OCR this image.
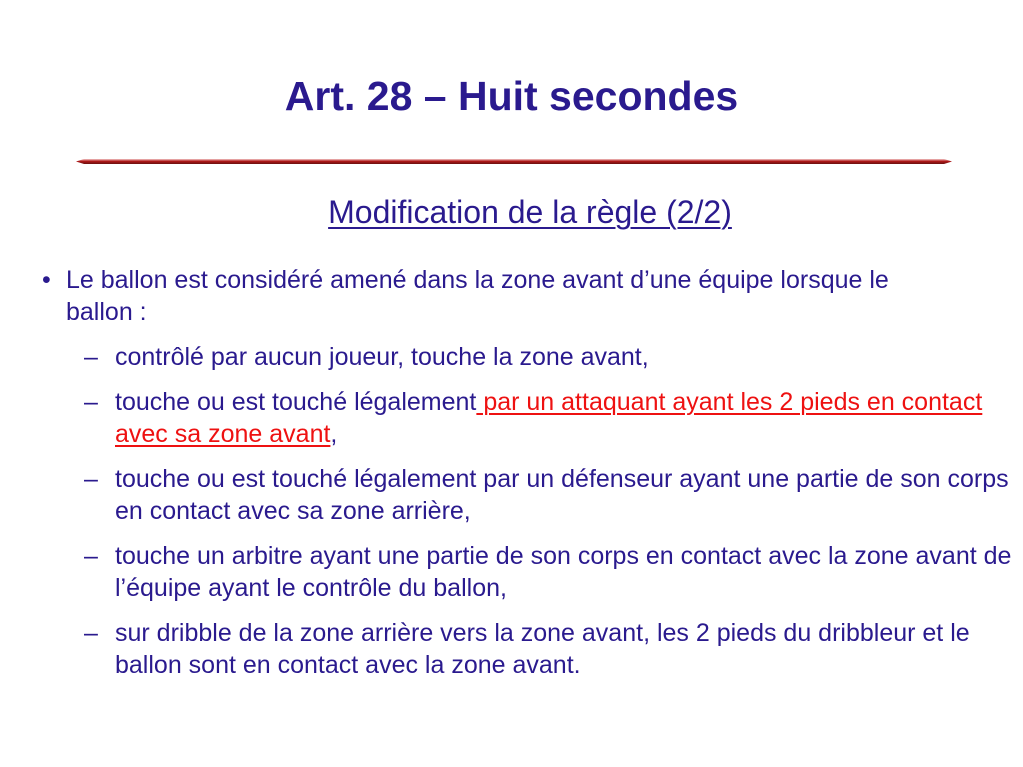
Art. 28 – Huit secondes

Modification de la règle (2/2)

• Le ballon est considéré amené dans la zone avant d’une équipe lorsque le ballon :

– contrôlé par aucun joueur, touche la zone avant,

– touche ou est touché légalement par un attaquant ayant les 2 pieds en contact avec sa zone avant,

– touche ou est touché légalement par un défenseur ayant une partie de son corps en contact avec sa zone arrière,

– touche un arbitre ayant une partie de son corps en contact avec la zone avant de l’équipe ayant le contrôle du ballon,

– sur dribble de la zone arrière vers la zone avant, les 2 pieds du dribbleur et le ballon sont en contact avec la zone avant.
